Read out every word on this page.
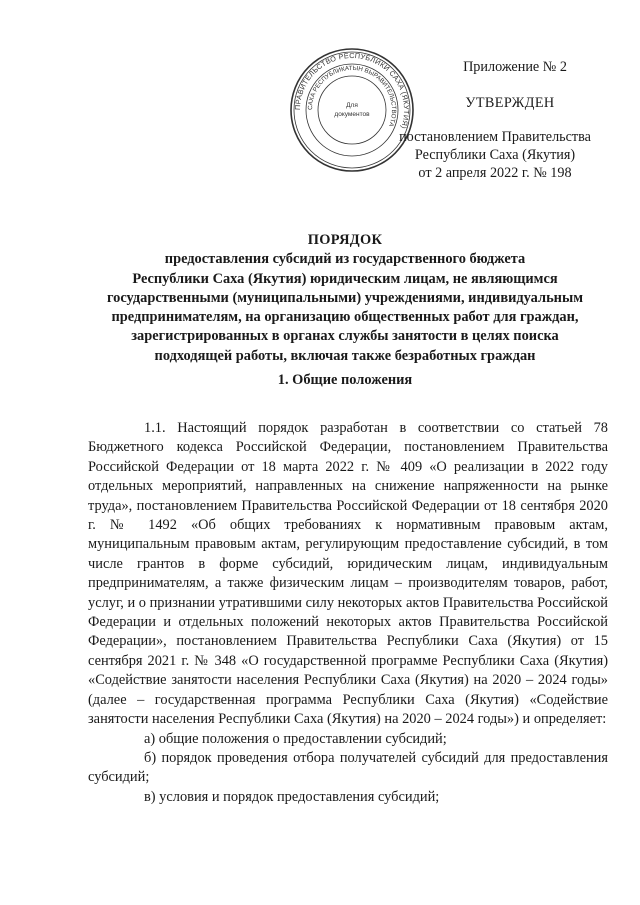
ПРАВИТЕЛЬСТВО РЕСПУБЛИКИ САХА (ЯКУТИЯ)
САХА РЕСПУБЛИКАТЫН ВЫРАВИТЕЛЬСТВОТА
Для
документов
Приложение № 2
УТВЕРЖДЕН
постановлением Правительства
Республики Саха (Якутия)
от 2 апреля 2022 г. № 198
ПОРЯДОК
предоставления субсидий из государственного бюджета
Республики Саха (Якутия) юридическим лицам, не являющимся
государственными (муниципальными) учреждениями, индивидуальным
предпринимателям, на организацию общественных работ для граждан,
зарегистрированных в органах службы занятости в целях поиска
подходящей работы, включая также безработных граждан
1. Общие положения

1.1. Настоящий порядок разработан в соответствии со статьей 78 Бюджетного кодекса Российской Федерации, постановлением Правительства Российской Федерации от 18 марта 2022 г. № 409 «О реализации в 2022 году отдельных мероприятий, направленных на снижение напряженности на рынке труда», постановлением Правительства Российской Федерации от 18 сентября 2020 г. № 1492 «Об общих требованиях к нормативным правовым актам, муниципальным правовым актам, регулирующим предоставление субсидий, в том числе грантов в форме субсидий, юридическим лицам, индивидуальным предпринимателям, а также физическим лицам – производителям товаров, работ, услуг, и о признании утратившими силу некоторых актов Правительства Российской Федерации и отдельных положений некоторых актов Правительства Российской Федерации», постановлением Правительства Республики Саха (Якутия) от 15 сентября 2021 г. № 348 «О государственной программе Республики Саха (Якутия) «Содействие занятости населения Республики Саха (Якутия) на 2020 – 2024 годы» (далее – государственная программа Республики Саха (Якутия) «Содействие занятости населения Республики Саха (Якутия) на 2020 – 2024 годы») и определяет:

а) общие положения о предоставлении субсидий;

б) порядок проведения отбора получателей субсидий для предоставления субсидий;

в) условия и порядок предоставления субсидий;
